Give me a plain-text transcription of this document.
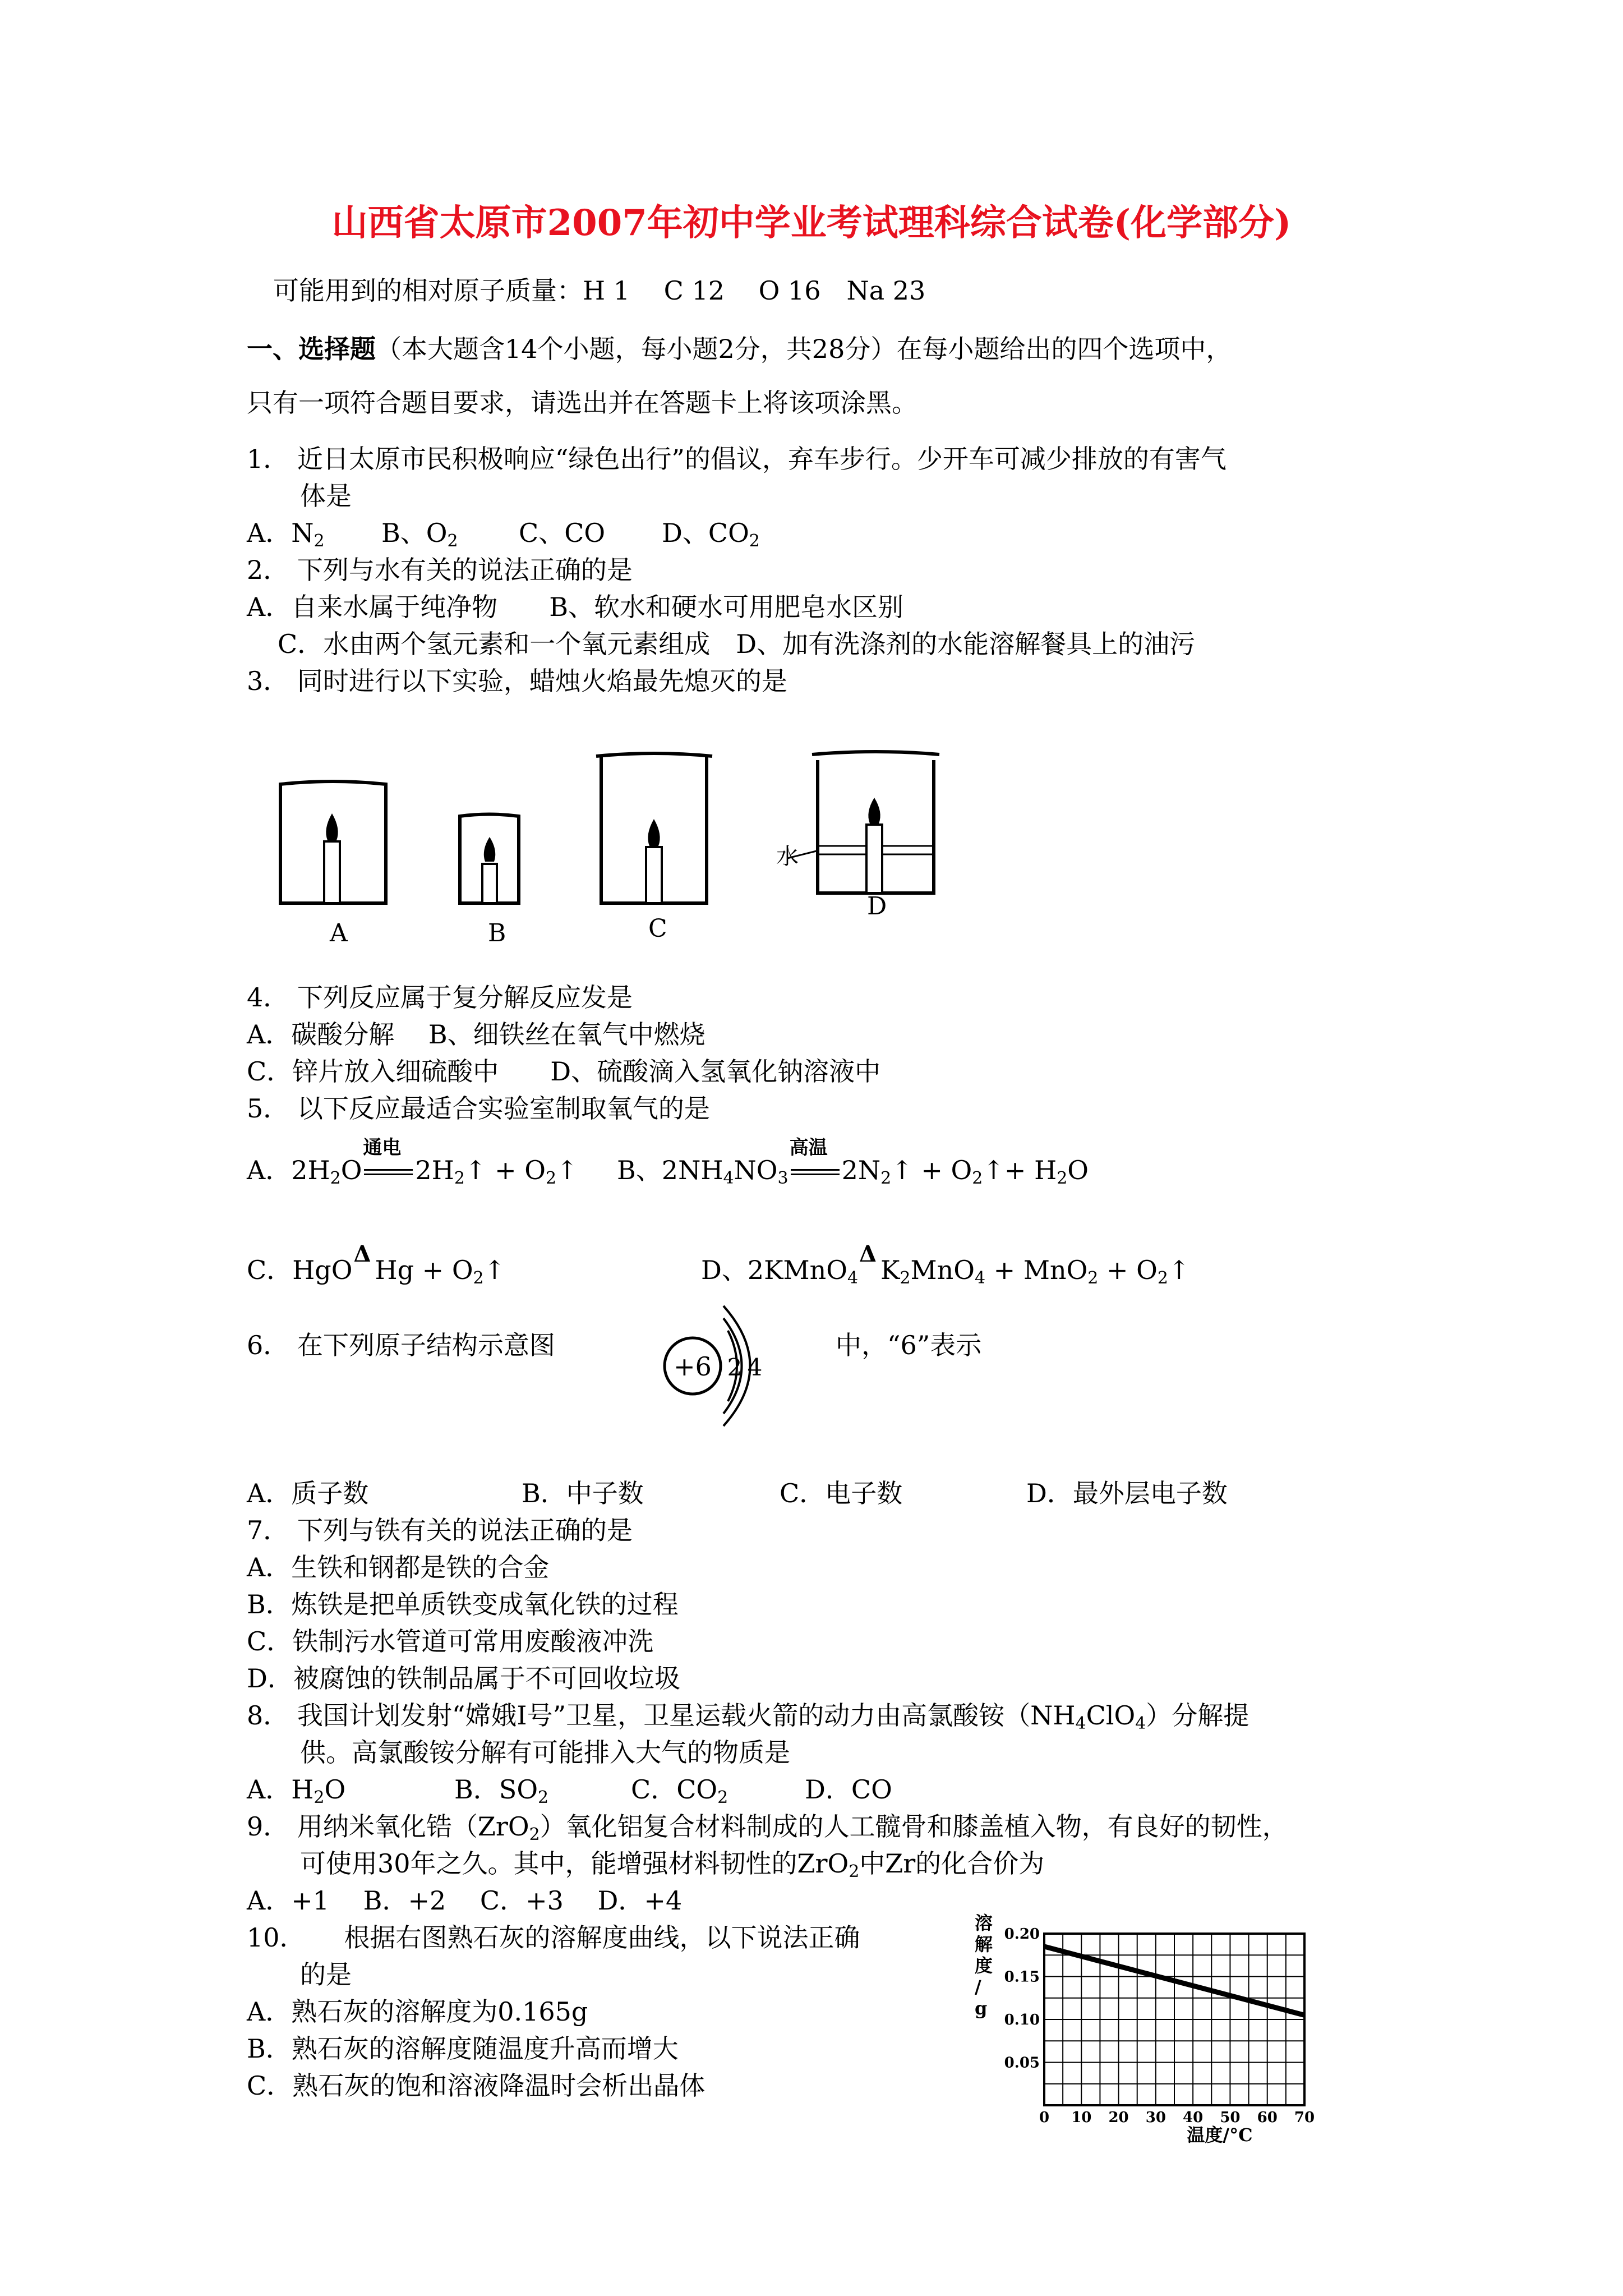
山西省太原市2007年初中学业考试理科综合试卷(化学部分)
可能用到的相对原子质量：H 1　 C 12　 O 16　Na 23
一、选择题（本大题含14个小题，每小题2分，共28分）在每小题给出的四个选项中，
只有一项符合题目要求，请选出并在答题卡上将该项涂黑。
1． 近日太原市民积极响应“绿色出行”的倡议，弃车步行。少开车可减少排放的有害气
体是
A．$N_2$ B、$O_2$ C、CO D、$CO_2$
2． 下列与水有关的说法正确的是
A．自来水属于纯净物　　B、软水和硬水可用肥皂水区别
C．水由两个氢元素和一个氧元素组成　D、加有洗涤剂的水能溶解餐具上的油污
3． 同时进行以下实验，蜡烛火焰最先熄灭的是
A	B	C
D
水
4． 下列反应属于复分解反应发是
A．碳酸分解　 B、细铁丝在氧气中燃烧
C．锌片放入细硫酸中　　D、硫酸滴入氢氧化钠溶液中
5． 以下反应最适合实验室制取氧气的是
A．$2H_2O$
通电
$2H_2↑$ + $O_2↑$ B、$2NH_4NO_3$
高温
$2N_2↑$ + $O_2↑+ H_2O$
C．HgO
Δ
$Hg + O_2↑$	D、2KMnO$_4$
Δ
$K_2MnO_4 + MnO_2$ + $O_2↑$
6． 在下列原子结构示意图
+6 2 4
中，“6”表示
A．质子数	B．中子数	C．电子数	D．最外层电子数
7． 下列与铁有关的说法正确的是
A．生铁和钢都是铁的合金
B．炼铁是把单质铁变成氧化铁的过程
C．铁制污水管道可常用废酸液冲洗
D．被腐蚀的铁制品属于不可回收垃圾
8． 我国计划发射“嫦娥Ⅰ号”卫星，卫星运载火箭的动力由高氯酸铵$(NH_4ClO_4)$分解提
供。高氯酸铵分解有可能排入大气的物质是
A．$H_2O$	B．$SO_2$	C．$CO_2$	D．CO
9． 用纳米氧化锆（ZrO$_2$）氧化铝复合材料制成的人工髋骨和膝盖植入物，有良好的韧性，
可使用30年之久。其中，能增强材料韧性的ZrO$_2$中Zr的化合价为
A．+1　 B．+2　 C．+3　 D．+4
10．　　根据右图熟石灰的溶解度曲线，以下说法正确
的是
A．熟石灰的溶解度为0.165g
B．熟石灰的溶解度随温度升高而增大
C．熟石灰的饱和溶液降温时会析出晶体
0 10 20 30 40 50 60 70
0.05
0.10
0.15
0.20
溶解度/ g
温度/°C
